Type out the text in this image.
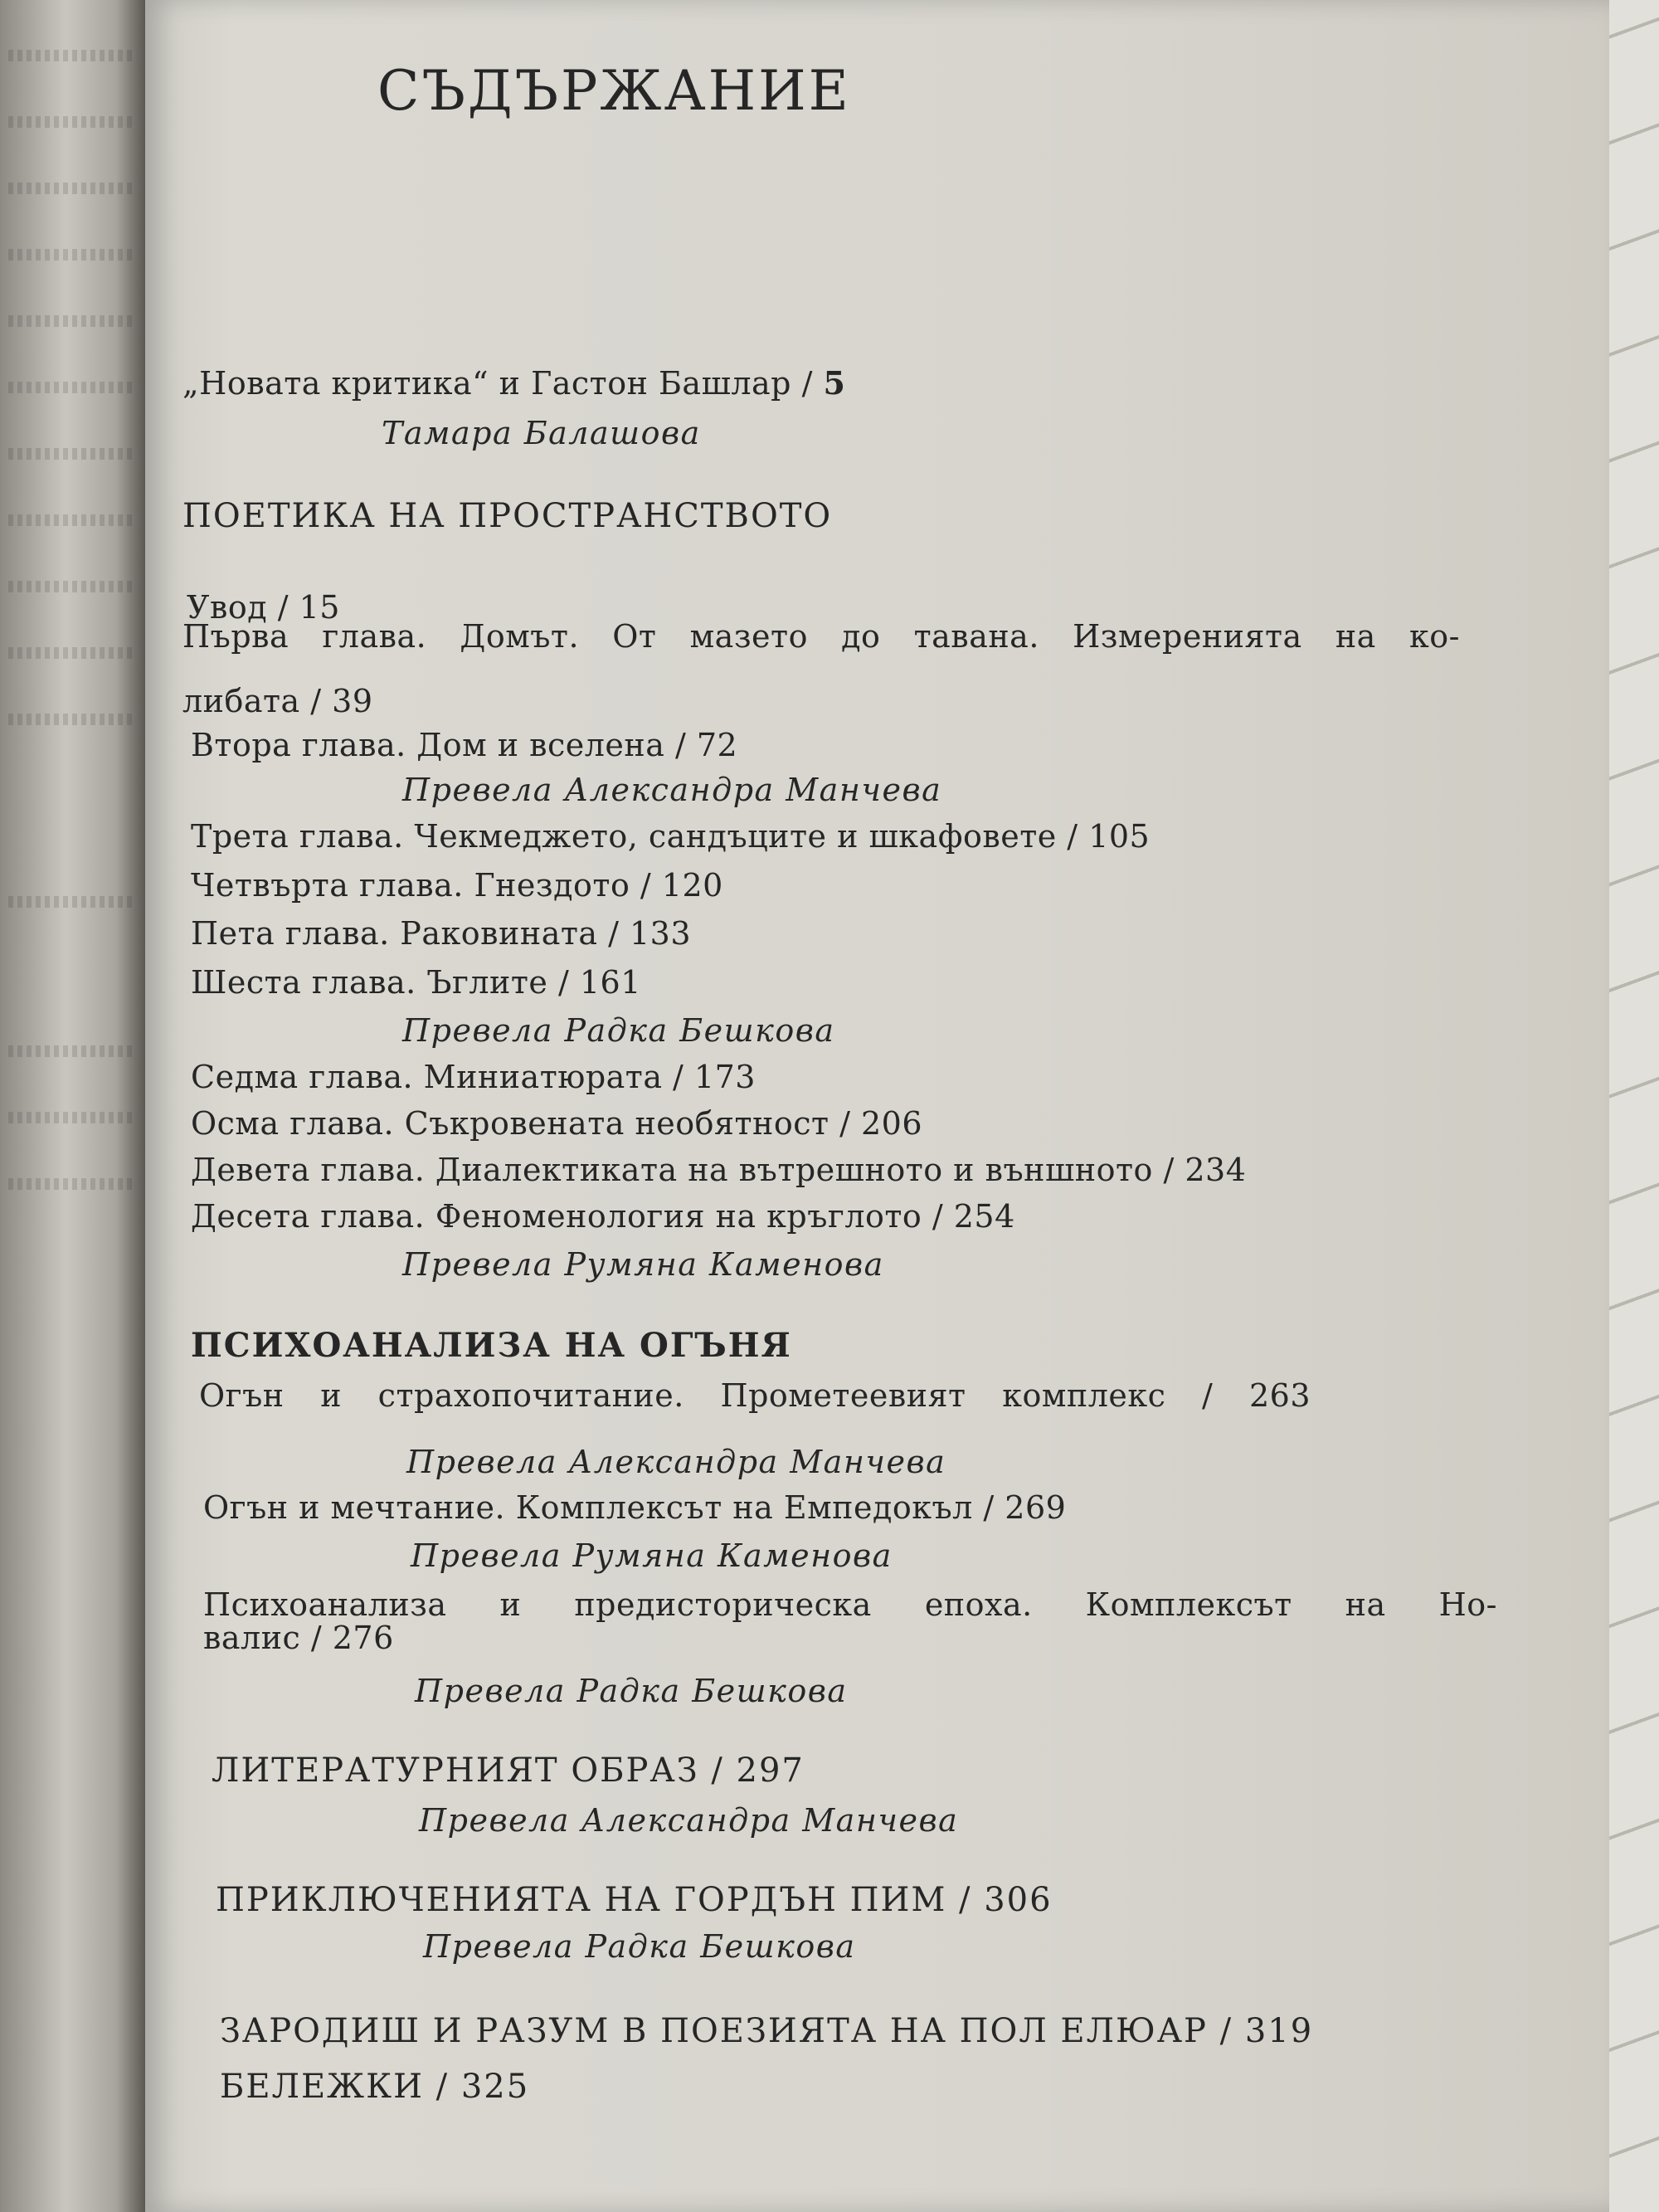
СЪДЪРЖАНИЕ
„Новата критика“ и Гастон Башлар / 5
Тамара Балашова
ПОЕТИКА НА ПРОСТРАНСТВОТО
Увод / 15
Първа глава. Домът. От мазето до тавана. Измеренията на ко-
либата / 39
Втора глава. Дом и вселена / 72
Превела Александра Манчева
Трета глава. Чекмеджето, сандъците и шкафовете / 105
Четвърта глава. Гнездото / 120
Пета глава. Раковината / 133
Шеста глава. Ъглите / 161
Превела Радка Бешкова
Седма глава. Миниатюрата / 173
Осма глава. Съкровената необятност / 206
Девета глава. Диалектиката на вътрешното и външното / 234
Десета глава. Феноменология на кръглото / 254
Превела Румяна Каменова
ПСИХОАНАЛИЗА НА ОГЪНЯ
Огън и страхопочитание. Прометеевият комплекс / 263
Превела Александра Манчева
Огън и мечтание. Комплексът на Емпедокъл / 269
Превела Румяна Каменова
Психоанализа и предисторическа епоха. Комплексът на Но-
валис / 276
Превела Радка Бешкова
ЛИТЕРАТУРНИЯТ ОБРАЗ / 297
Превела Александра Манчева
ПРИКЛЮЧЕНИЯТА НА ГОРДЪН ПИМ / 306
Превела Радка Бешкова
ЗАРОДИШ И РАЗУМ В ПОЕЗИЯТА НА ПОЛ ЕЛЮАР / 319
БЕЛЕЖКИ / 325
